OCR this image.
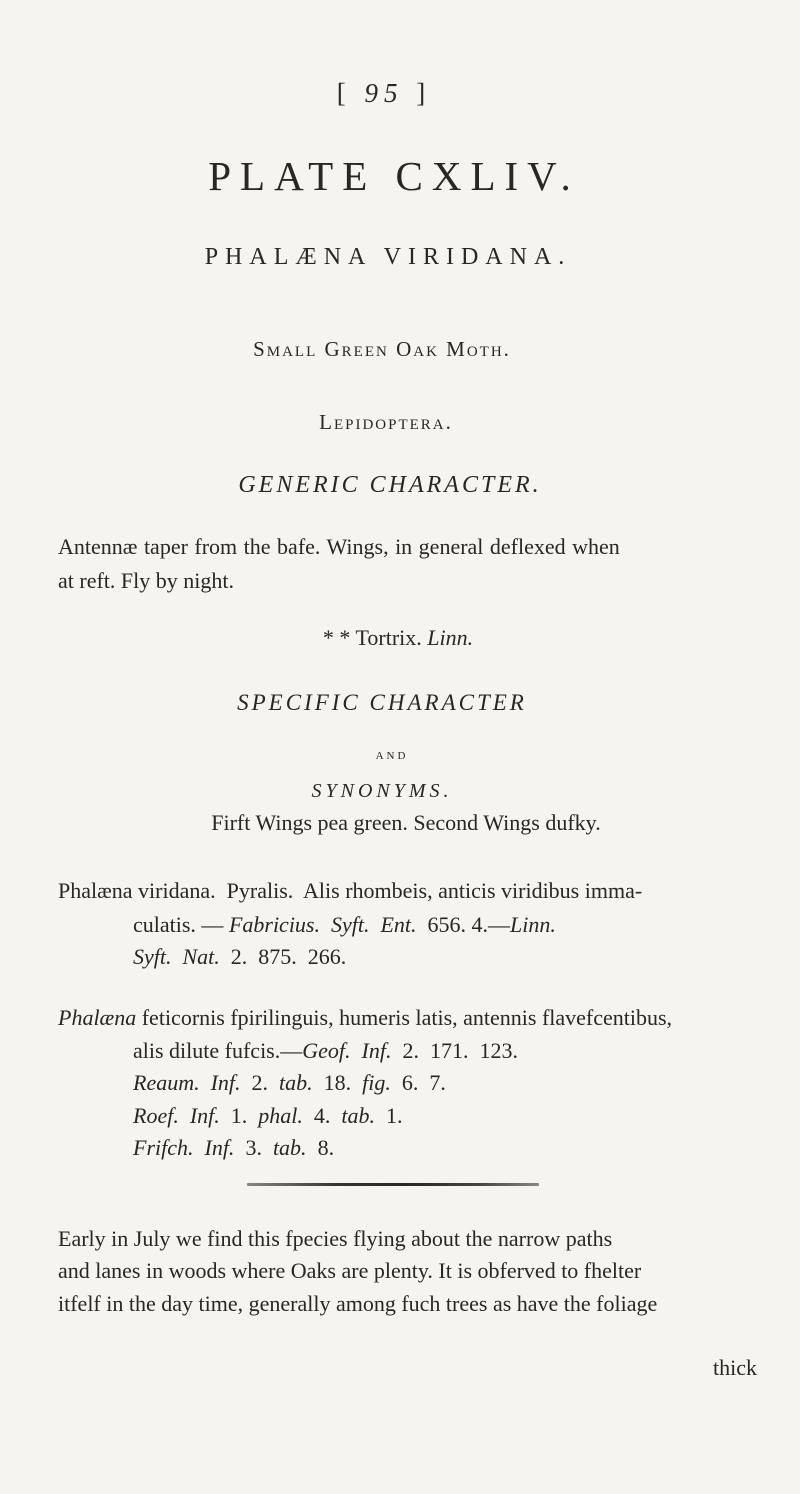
[ 95 ]
PLATE CXLIV.
PHALÆNA VIRIDANA.
Small Green Oak Moth.
Lepidoptera.
GENERIC CHARACTER.
Antennæ taper from the bafe. Wings, in general deflexed when
at reft. Fly by night.
* * Tortrix. Linn.
SPECIFIC CHARACTER
AND
SYNONYMS.
Firft Wings pea green. Second Wings dufky.
Phalæna viridana.  Pyralis.  Alis rhombeis, anticis viridibus imma-
culatis. — Fabricius.  Syft.  Ent.  656. 4.—Linn.
Syft.  Nat.  2.  875.  266.
Phalæna feticornis fpirilinguis, humeris latis, antennis flavefcentibus,
alis dilute fufcis.—Geof.  Inf.  2.  171.  123.
Reaum.  Inf.  2.  tab.  18.  fig.  6.  7.
Roef.  Inf.  1.  phal.  4.  tab.  1.
Frifch.  Inf.  3.  tab.  8.
Early in July we find this fpecies flying about the narrow paths
and lanes in woods where Oaks are plenty. It is obferved to fhelter
itfelf in the day time, generally among fuch trees as have the foliage
thick
